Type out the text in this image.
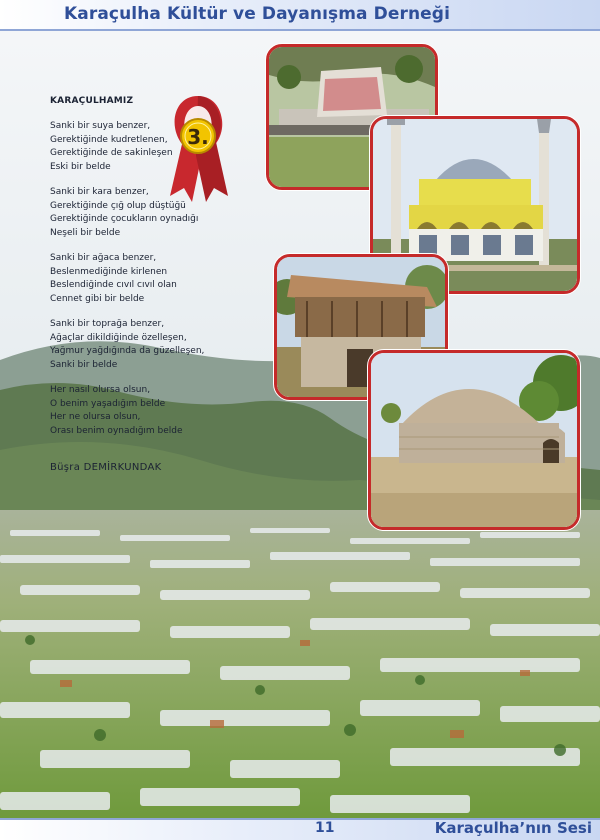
Karaçulha Kültür ve Dayanışma Derneği
KARAÇULHAMIZ
Sanki bir suya benzer,
Gerektiğinde kudretlenen,
Gerektiğinde de sakinleşen
Eski bir belde
Sanki bir kara benzer,
Gerektiğinde çığ olup düştüğü
Gerektiğinde çocukların oynadığı
Neşeli bir belde
Sanki bir ağaca benzer,
Beslenmediğinde kirlenen
Beslendiğinde cıvıl cıvıl olan
Cennet gibi bir belde
Sanki bir toprağa benzer,
Ağaçlar dikildiğinde özelleşen,
Yağmur yağdığında da güzelleşen,
Sanki bir belde
Her nasıl olursa olsun,
O benim yaşadığım belde
Her ne olursa olsun,
Orası benim oynadığım belde
Büşra DEMİRKUNDAK
3.
11	Karaçulha’nın Sesi
